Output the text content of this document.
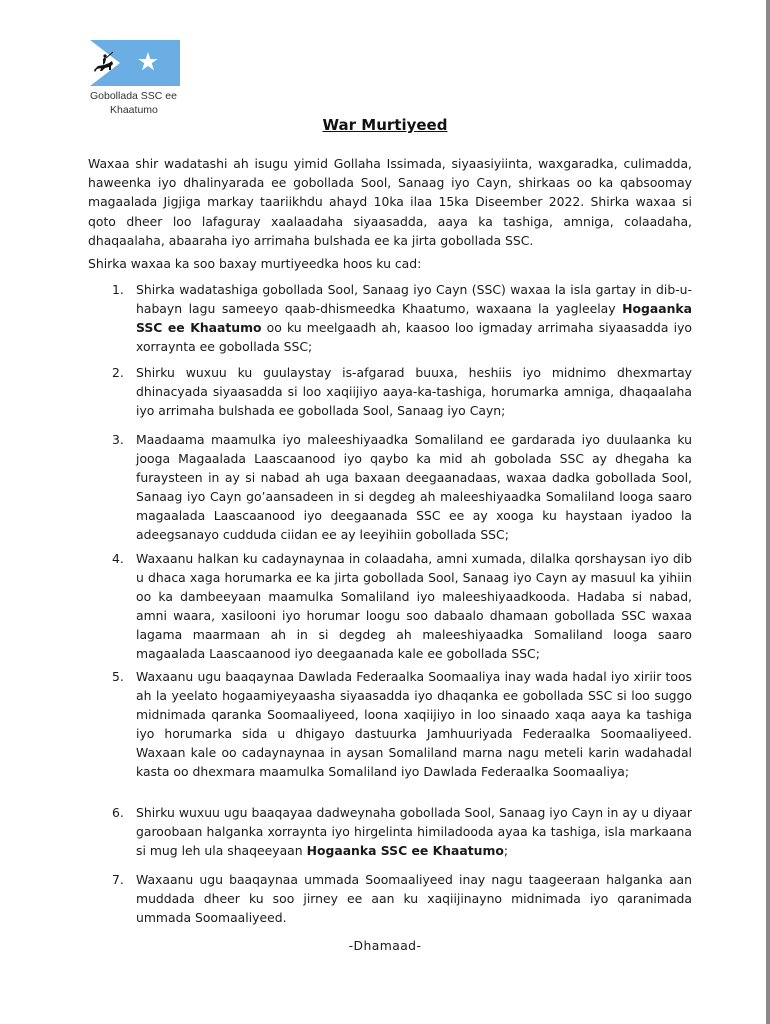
Gobollada SSC ee
Khaatumo
War Murtiyeed

Waxaa shir wadatashi ah isugu yimid Gollaha Issimada, siyaasiyiinta, waxgaradka, culimadda, haweenka iyo dhalinyarada ee gobollada Sool, Sanaag iyo Cayn, shirkaas oo ka qabsoomay magaalada Jigjiga markay taariikhdu ahayd 10ka ilaa 15ka Diseember 2022. Shirka waxaa si qoto dheer loo lafaguray xaalaadaha siyaasadda, aaya ka tashiga, amniga, colaadaha, dhaqaalaha, abaaraha iyo arrimaha bulshada ee ka jirta gobollada SSC.

Shirka waxaa ka soo baxay murtiyeedka hoos ku cad:

1. Shirka wadatashiga gobollada Sool, Sanaag iyo Cayn (SSC) waxaa la isla gartay in dib-u-habayn lagu sameeyo qaab-dhismeedka Khaatumo, waxaana la yagleelay Hogaanka SSC ee Khaatumo oo ku meelgaadh ah, kaasoo loo igmaday arrimaha siyaasadda iyo xorraynta ee gobollada SSC;
2. Shirku wuxuu ku guulaystay is-afgarad buuxa, heshiis iyo midnimo dhexmartay dhinacyada siyaasadda si loo xaqiijiyo aaya-ka-tashiga, horumarka amniga, dhaqaalaha iyo arrimaha bulshada ee gobollada Sool, Sanaag iyo Cayn;
3. Maadaama maamulka iyo maleeshiyaadka Somaliland ee gardarada iyo duulaanka ku jooga Magaalada Laascaanood iyo qaybo ka mid ah gobolada SSC ay dhegaha ka furaysteen in ay si nabad ah uga baxaan deegaanadaas, waxaa dadka gobollada Sool, Sanaag iyo Cayn go’aansadeen in si degdeg ah maleeshiyaadka Somaliland looga saaro magaalada Laascaanood iyo deegaanada SSC ee ay xooga ku haystaan iyadoo la adeegsanayo cudduda ciidan ee ay leeyihiin gobollada SSC;
4. Waxaanu halkan ku cadaynaynaa in colaadaha, amni xumada, dilalka qorshaysan iyo dib u dhaca xaga horumarka ee ka jirta gobollada Sool, Sanaag iyo Cayn ay masuul ka yihiin oo ka dambeeyaan maamulka Somaliland iyo maleeshiyaadkooda. Hadaba si nabad, amni waara, xasilooni iyo horumar loogu soo dabaalo dhamaan gobollada SSC waxaa lagama maarmaan ah in si degdeg ah maleeshiyaadka Somaliland looga saaro magaalada Laascaanood iyo deegaanada kale ee gobollada SSC;
5. Waxaanu ugu baaqaynaa Dawlada Federaalka Soomaaliya inay wada hadal iyo xiriir toos ah la yeelato hogaamiyeyaasha siyaasadda iyo dhaqanka ee gobollada SSC si loo suggo midnimada qaranka Soomaaliyeed, loona xaqiijiyo in loo sinaado xaqa aaya ka tashiga iyo horumarka sida u dhigayo dastuurka Jamhuuriyada Federaalka Soomaaliyeed. Waxaan kale oo cadaynaynaa in aysan Somaliland marna nagu meteli karin wadahadal kasta oo dhexmara maamulka Somaliland iyo Dawlada Federaalka Soomaaliya;
6. Shirku wuxuu ugu baaqayaa dadweynaha gobollada Sool, Sanaag iyo Cayn in ay u diyaar garoobaan halganka xorraynta iyo hirgelinta himiladooda ayaa ka tashiga, isla markaana si mug leh ula shaqeeyaan Hogaanka SSC ee Khaatumo;
7. Waxaanu ugu baaqaynaa ummada Soomaaliyeed inay nagu taageeraan halganka aan muddada dheer ku soo jirney ee aan ku xaqiijinayno midnimada iyo qaranimada ummada Soomaaliyeed.
-Dhamaad-
